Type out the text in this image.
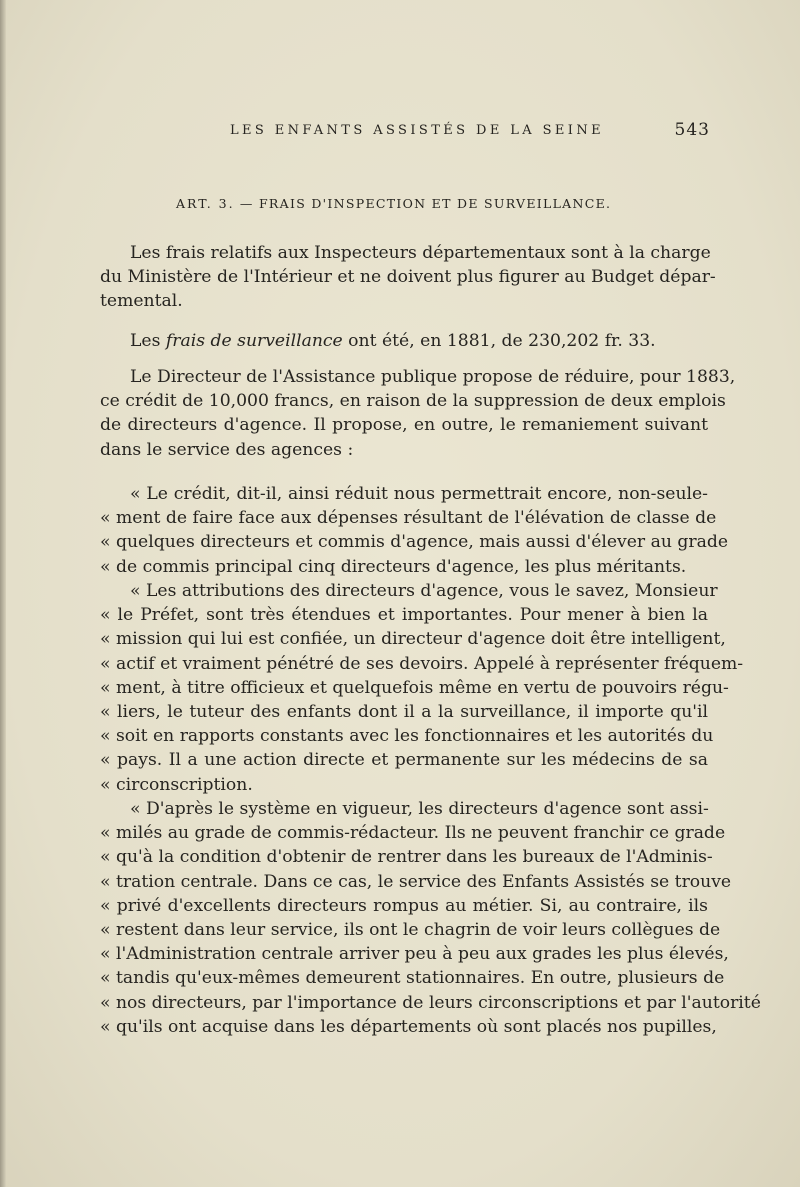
LES ENFANTS ASSISTÉS DE LA SEINE	543
ART. 3. — FRAIS D'INSPECTION ET DE SURVEILLANCE.
Les frais relatifs aux Inspecteurs départementaux sont à la charge
du Ministère de l'Intérieur et ne doivent plus figurer au Budget dépar-
temental.
Les frais de surveillance ont été, en 1881, de 230,202 fr. 33.
Le Directeur de l'Assistance publique propose de réduire, pour 1883,
ce crédit de 10,000 francs, en raison de la suppression de deux emplois
de directeurs d'agence. Il propose, en outre, le remaniement suivant
dans le service des agences :
« Le crédit, dit-il, ainsi réduit nous permettrait encore, non-seule-
« ment de faire face aux dépenses résultant de l'élévation de classe de
« quelques directeurs et commis d'agence, mais aussi d'élever au grade
« de commis principal cinq directeurs d'agence, les plus méritants.
« Les attributions des directeurs d'agence, vous le savez, Monsieur
« le Préfet, sont très étendues et importantes. Pour mener à bien la
« mission qui lui est confiée, un directeur d'agence doit être intelligent,
« actif et vraiment pénétré de ses devoirs. Appelé à représenter fréquem-
« ment, à titre officieux et quelquefois même en vertu de pouvoirs régu-
« liers, le tuteur des enfants dont il a la surveillance, il importe qu'il
« soit en rapports constants avec les fonctionnaires et les autorités du
« pays. Il a une action directe et permanente sur les médecins de sa
« circonscription.
« D'après le système en vigueur, les directeurs d'agence sont assi-
« milés au grade de commis-rédacteur. Ils ne peuvent franchir ce grade
« qu'à la condition d'obtenir de rentrer dans les bureaux de l'Adminis-
« tration centrale. Dans ce cas, le service des Enfants Assistés se trouve
« privé d'excellents directeurs rompus au métier. Si, au contraire, ils
« restent dans leur service, ils ont le chagrin de voir leurs collègues de
« l'Administration centrale arriver peu à peu aux grades les plus élevés,
« tandis qu'eux-mêmes demeurent stationnaires. En outre, plusieurs de
« nos directeurs, par l'importance de leurs circonscriptions et par l'autorité
« qu'ils ont acquise dans les départements où sont placés nos pupilles,
